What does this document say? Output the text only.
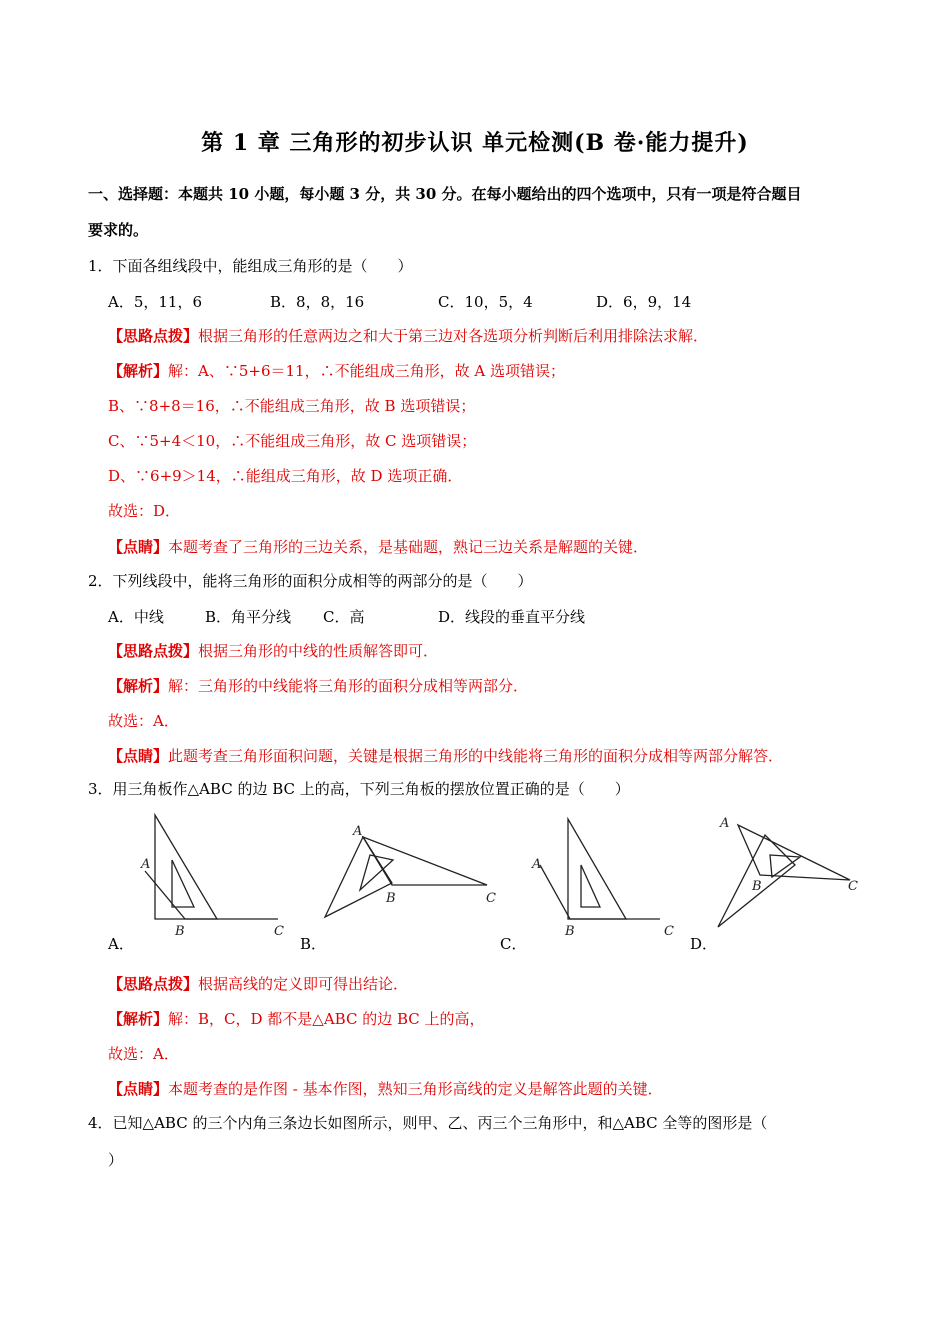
第 1 章 三角形的初步认识 单元检测(B 卷·能力提升)
一、选择题：本题共 10 小题，每小题 3 分，共 30 分。在每小题给出的四个选项中，只有一项是符合题目
要求的。
1．下面各组线段中，能组成三角形的是（　　）
A．5，11，6	B．8，8，16	C．10，5，4	D．6，9，14
【思路点拨】根据三角形的任意两边之和大于第三边对各选项分析判断后利用排除法求解．
【解析】解：A、∵5+6＝11，∴不能组成三角形，故 A 选项错误；
B、∵8+8＝16，∴不能组成三角形，故 B 选项错误；
C、∵5+4＜10，∴不能组成三角形，故 C 选项错误；
D、∵6+9＞14，∴能组成三角形，故 D 选项正确．
故选：D．
【点睛】本题考查了三角形的三边关系，是基础题，熟记三边关系是解题的关键．
2．下列线段中，能将三角形的面积分成相等的两部分的是（　　）
A．中线	B．角平分线 C．高	D．线段的垂直平分线
【思路点拨】根据三角形的中线的性质解答即可．
【解析】解：三角形的中线能将三角形的面积分成相等两部分．
故选：A．
【点睛】此题考查三角形面积问题，关键是根据三角形的中线能将三角形的面积分成相等两部分解答．
3．用三角板作△ABC 的边 BC 上的高，下列三角板的摆放位置正确的是（　　）
A
B	C
A
B	C
A
B	C
A
B	C
A．	B．	C．	D．
【思路点拨】根据高线的定义即可得出结论．
【解析】解：B，C，D 都不是△ABC 的边 BC 上的高，
故选：A．
【点睛】本题考查的是作图 - 基本作图，熟知三角形高线的定义是解答此题的关键．
4．已知△ABC 的三个内角三条边长如图所示，则甲、乙、丙三个三角形中，和△ABC 全等的图形是（
）
